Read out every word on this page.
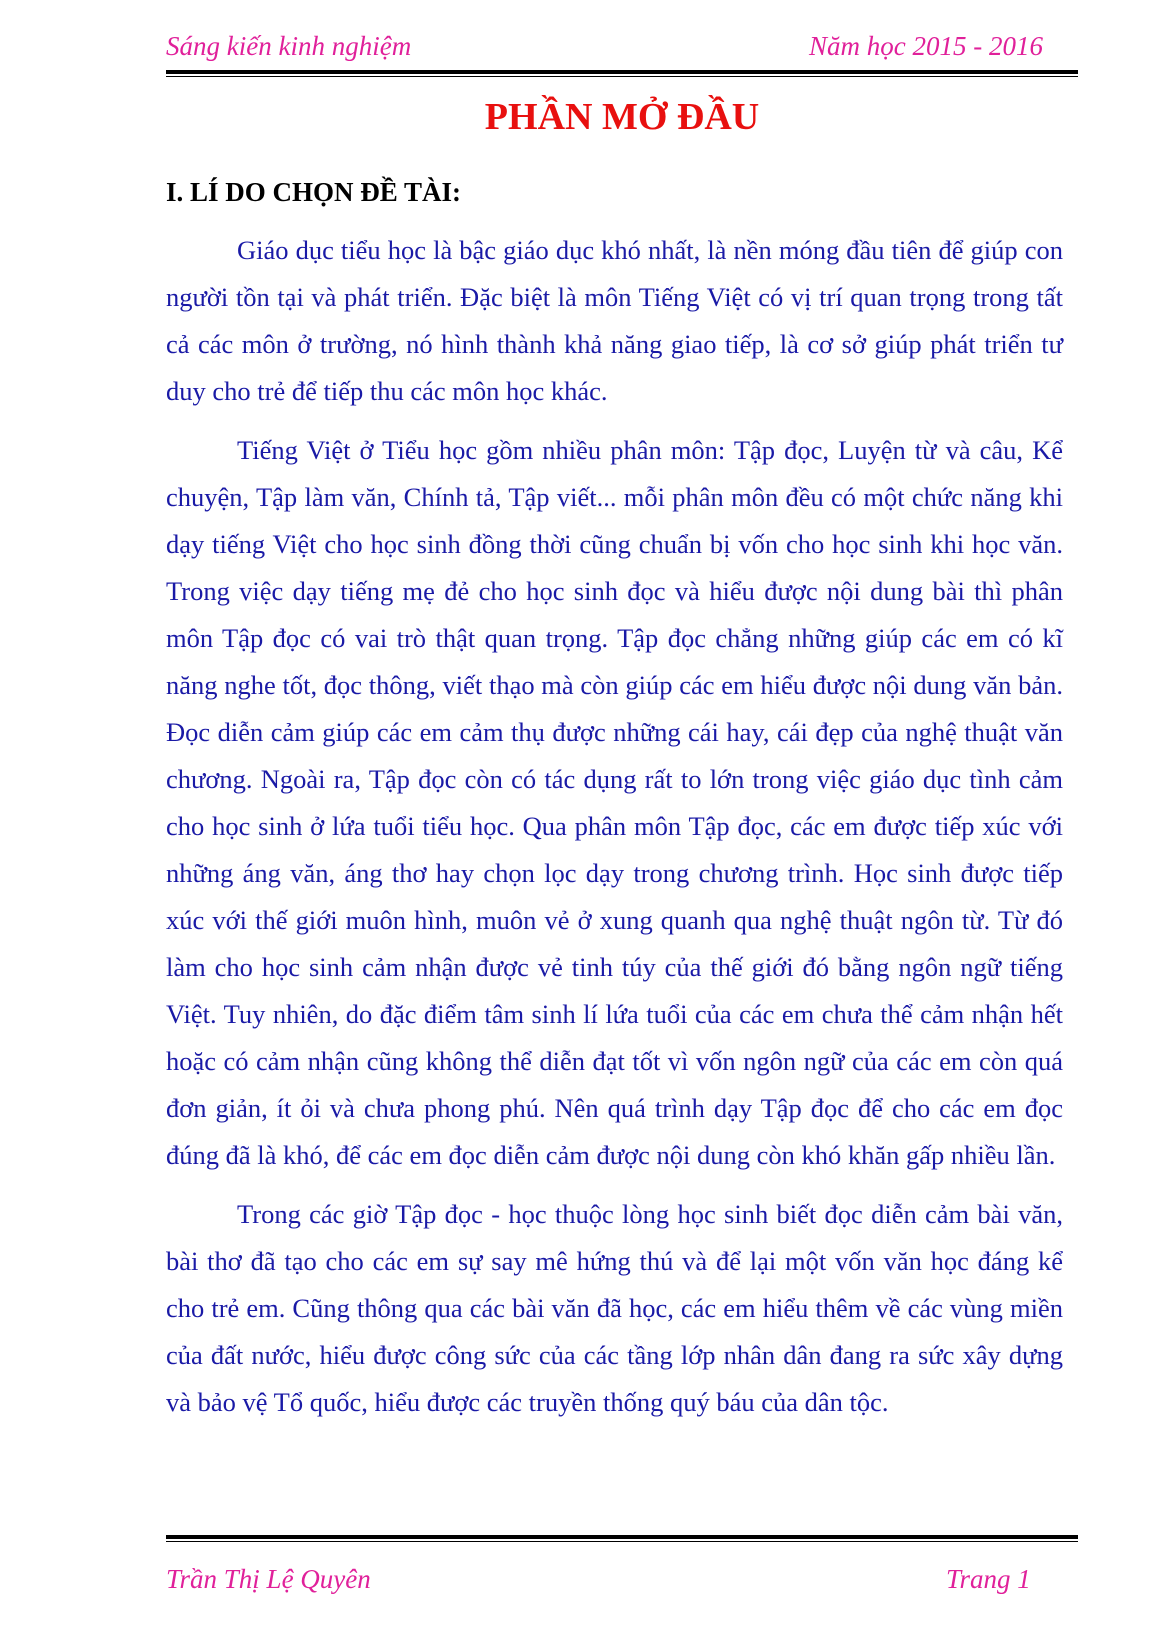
Sáng kiến kinh nghiệm	Năm học 2015 - 2016
PHẦN MỞ ĐẦU
I. LÍ DO CHỌN ĐỀ TÀI:

Giáo dục tiểu học là bậc giáo dục khó nhất, là nền móng đầu tiên để giúp con người tồn tại và phát triển. Đặc biệt là môn Tiếng Việt có vị trí quan trọng trong tất cả các môn ở trường, nó hình thành khả năng giao tiếp, là cơ sở giúp phát triển tư duy cho trẻ để tiếp thu các môn học khác.

Tiếng Việt ở Tiểu học gồm nhiều phân môn: Tập đọc, Luyện từ và câu, Kể chuyện, Tập làm văn, Chính tả, Tập viết... mỗi phân môn đều có một chức năng khi dạy tiếng Việt cho học sinh đồng thời cũng chuẩn bị vốn cho học sinh khi học văn. Trong việc dạy tiếng mẹ đẻ cho học sinh đọc và hiểu được nội dung bài thì phân môn Tập đọc có vai trò thật quan trọng. Tập đọc chẳng những giúp các em có kĩ năng nghe tốt, đọc thông, viết thạo mà còn giúp các em hiểu được nội dung văn bản. Đọc diễn cảm giúp các em cảm thụ được những cái hay, cái đẹp của nghệ thuật văn chương. Ngoài ra, Tập đọc còn có tác dụng rất to lớn trong việc giáo dục tình cảm cho học sinh ở lứa tuổi tiểu học. Qua phân môn Tập đọc, các em được tiếp xúc với những áng văn, áng thơ hay chọn lọc dạy trong chương trình. Học sinh được tiếp xúc với thế giới muôn hình, muôn vẻ ở xung quanh qua nghệ thuật ngôn từ. Từ đó làm cho học sinh cảm nhận được vẻ tinh túy của thế giới đó bằng ngôn ngữ tiếng Việt. Tuy nhiên, do đặc điểm tâm sinh lí lứa tuổi của các em chưa thể cảm nhận hết hoặc có cảm nhận cũng không thể diễn đạt tốt vì vốn ngôn ngữ của các em còn quá đơn giản, ít ỏi và chưa phong phú. Nên quá trình dạy Tập đọc để cho các em đọc đúng đã là khó, để các em đọc diễn cảm được nội dung còn khó khăn gấp nhiều lần.

Trong các giờ Tập đọc - học thuộc lòng học sinh biết đọc diễn cảm bài văn, bài thơ đã tạo cho các em sự say mê hứng thú và để lại một vốn văn học đáng kể cho trẻ em. Cũng thông qua các bài văn đã học, các em hiểu thêm về các vùng miền của đất nước, hiểu được công sức của các tầng lớp nhân dân đang ra sức xây dựng và bảo vệ Tổ quốc, hiểu được các truyền thống quý báu của dân tộc.

Trần Thị Lệ Quyên	Trang 1
